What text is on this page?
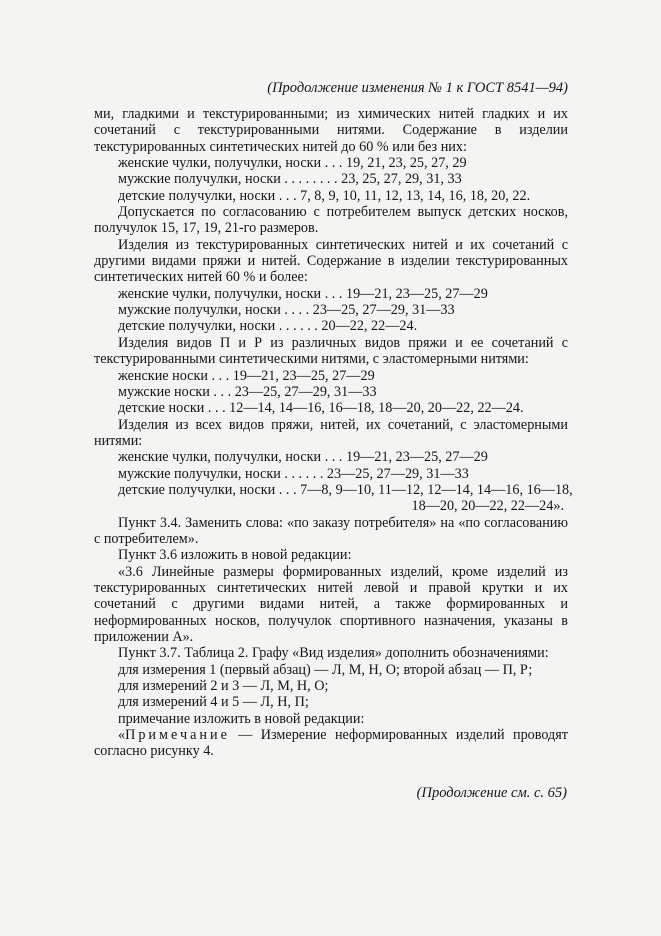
(Продолжение изменения № 1 к ГОСТ 8541—94)

ми, гладкими и текстурированными; из химических нитей гладких и их сочетаний с текстурированными нитями. Содержание в изделии текстурированных синтетических нитей до 60 % или без них:

женские чулки, получулки, носки . . . 19, 21, 23, 25, 27, 29

мужские получулки, носки . . . . . . . . 23, 25, 27, 29, 31, 33

детские получулки, носки . . . 7, 8, 9, 10, 11, 12, 13, 14, 16, 18, 20, 22.

Допускается по согласованию с потребителем выпуск детских носков, получулок 15, 17, 19, 21-го размеров.

Изделия из текстурированных синтетических нитей и их сочетаний с другими видами пряжи и нитей. Содержание в изделии текстурированных синтетических нитей 60 % и более:

женские чулки, получулки, носки . . . 19—21, 23—25, 27—29

мужские получулки, носки . . . . 23—25, 27—29, 31—33

детские получулки, носки . . . . . . 20—22, 22—24.

Изделия видов П и Р из различных видов пряжи и ее сочетаний с текстурированными синтетическими нитями, с эластомерными нитями:

женские носки . . . 19—21, 23—25, 27—29

мужские носки . . . 23—25, 27—29, 31—33

детские носки . . . 12—14, 14—16, 16—18, 18—20, 20—22, 22—24.

Изделия из всех видов пряжи, нитей, их сочетаний, с эластомерными нитями:

женские чулки, получулки, носки . . . 19—21, 23—25, 27—29

мужские получулки, носки . . . . . . 23—25, 27—29, 31—33

детские получулки, носки . . . 7—8, 9—10, 11—12, 12—14, 14—16, 16—18,

18—20, 20—22, 22—24».

Пункт 3.4. Заменить слова: «по заказу потребителя» на «по согласованию с потребителем».

Пункт 3.6 изложить в новой редакции:

«3.6 Линейные размеры формированных изделий, кроме изделий из текстурированных синтетических нитей левой и правой крутки и их сочетаний с другими видами нитей, а также формированных и неформированных носков, получулок спортивного назначения, указаны в приложении А».

Пункт 3.7. Таблица 2. Графу «Вид изделия» дополнить обозначениями:

для измерения 1 (первый абзац) — Л, М, Н, О; второй абзац — П, Р;

для измерений 2 и 3 — Л, М, Н, О;

для измерений 4 и 5 — Л, Н, П;

примечание изложить в новой редакции:

«Примечание — Измерение неформированных изделий проводят согласно рисунку 4.

(Продолжение см. с. 65)
